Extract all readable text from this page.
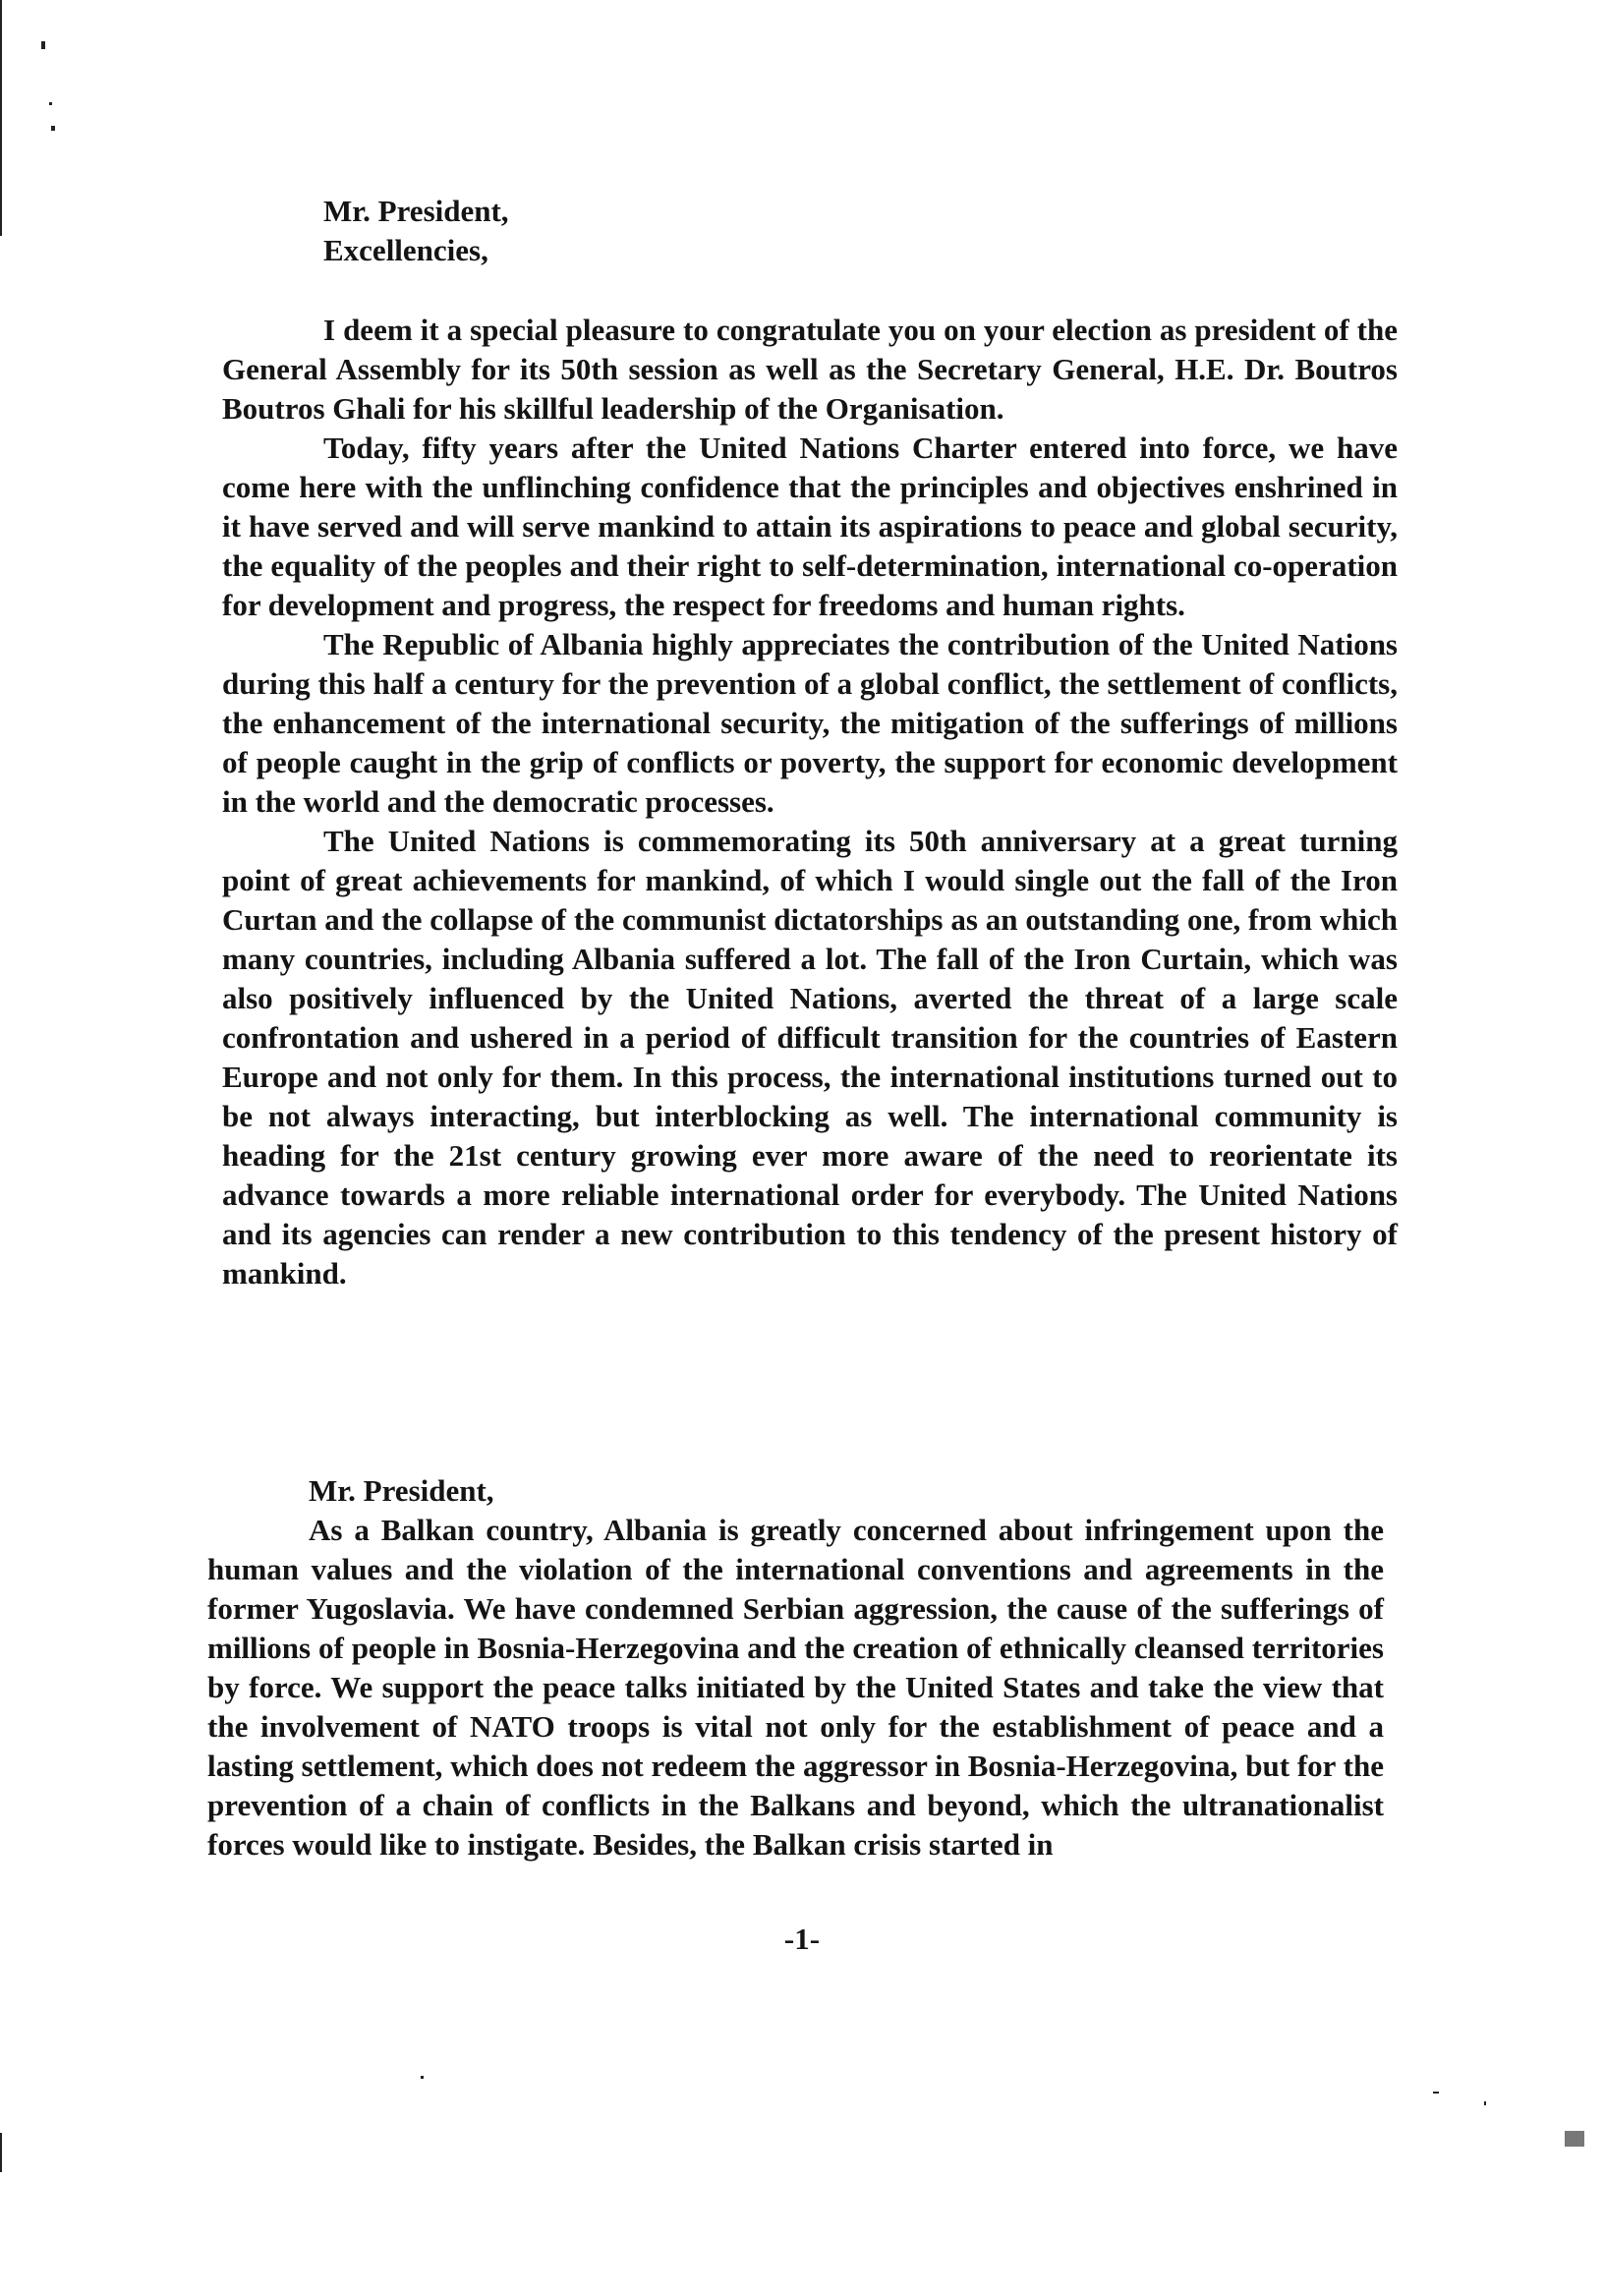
Mr. President,

Excellencies,

I deem it a special pleasure to congratulate you on your election as president of the General Assembly for its 50th session as well as the Secretary General, H.E. Dr. Boutros Boutros Ghali for his skillful leadership of the Organisation.

Today, fifty years after the United Nations Charter entered into force, we have come here with the unflinching confidence that the principles and objectives enshrined in it have served and will serve mankind to attain its aspirations to peace and global security, the equality of the peoples and their right to self-determination, international co-operation for development and progress, the respect for freedoms and human rights.

The Republic of Albania highly appreciates the contribution of the United Nations during this half a century for the prevention of a global conflict, the settlement of conflicts, the enhancement of the international security, the mitigation of the sufferings of millions of people caught in the grip of conflicts or poverty, the support for economic development in the world and the democratic processes.

The United Nations is commemorating its 50th anniversary at a great turning point of great achievements for mankind, of which I would single out the fall of the Iron Curtan and the collapse of the communist dictatorships as an outstanding one, from which many countries, including Albania suffered a lot. The fall of the Iron Curtain, which was also positively influenced by the United Nations, averted the threat of a large scale confrontation and ushered in a period of difficult transition for the countries of Eastern Europe and not only for them. In this process, the international institutions turned out to be not always interacting, but interblocking as well. The international community is heading for the 21st century growing ever more aware of the need to reorientate its advance towards a more reliable international order for everybody. The United Nations and its agencies can render a new contribution to this tendency of the present history of mankind.

Mr. President,

As a Balkan country, Albania is greatly concerned about infringement upon the human values and the violation of the international conventions and agreements in the former Yugoslavia. We have condemned Serbian aggression, the cause of the sufferings of millions of people in Bosnia-Herzegovina and the creation of ethnically cleansed territories by force. We support the peace talks initiated by the United States and take the view that the involvement of NATO troops is vital not only for the establishment of peace and a lasting settlement, which does not redeem the aggressor in Bosnia-Herzegovina, but for the prevention of a chain of conflicts in the Balkans and beyond, which the ultranationalist forces would like to instigate. Besides, the Balkan crisis started in

-1-
